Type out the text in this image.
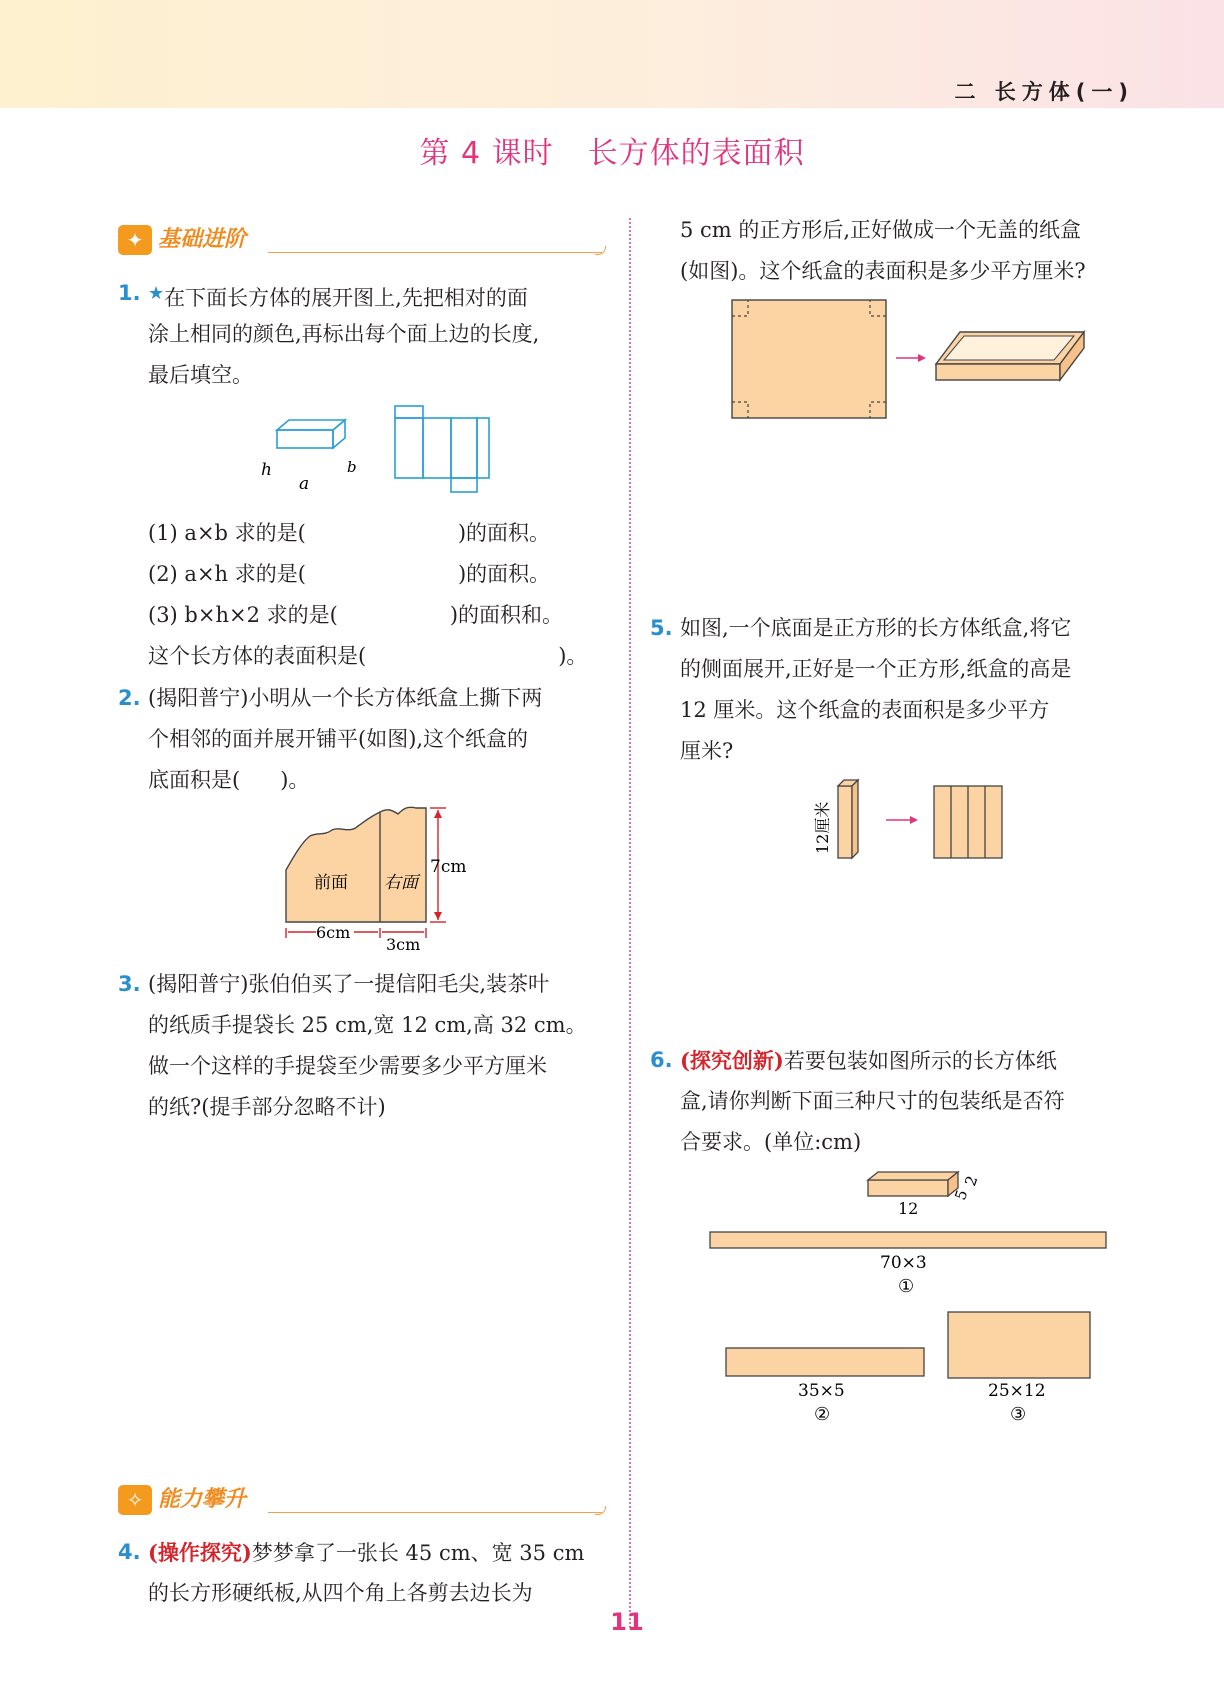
二 长方体(一)
第 4 课时 长方体的表面积
✦ 基础进阶
1. ★在下面长方体的展开图上,先把相对的面
涂上相同的颜色,再标出每个面上边的长度,
最后填空。
h
a
b
(1) a×b 求的是(	)的面积。
(2) a×h 求的是(	)的面积。
(3) b×h×2 求的是(	)的面积和。
这个长方体的表面积是(	)。
2. (揭阳普宁)小明从一个长方体纸盒上撕下两
个相邻的面并展开铺平(如图),这个纸盒的
底面积是( )。
前面 右面
7cm
6cm
3cm
3. (揭阳普宁)张伯伯买了一提信阳毛尖,装茶叶
的纸质手提袋长 25 cm,宽 12 cm,高 32 cm。
做一个这样的手提袋至少需要多少平方厘米
的纸?(提手部分忽略不计)
✧ 能力攀升
4. (操作探究)梦梦拿了一张长 45 cm、宽 35 cm
的长方形硬纸板,从四个角上各剪去边长为
5 cm 的正方形后,正好做成一个无盖的纸盒
(如图)。这个纸盒的表面积是多少平方厘米?
5. 如图,一个底面是正方形的长方体纸盒,将它
的侧面展开,正好是一个正方形,纸盒的高是
12 厘米。这个纸盒的表面积是多少平方
厘米?
12厘米
6. (探究创新)若要包装如图所示的长方体纸
盒,请你判断下面三种尺寸的包装纸是否符
合要求。(单位:cm)
12
5
2
70×3
①
35×5
②
25×12
③
11
